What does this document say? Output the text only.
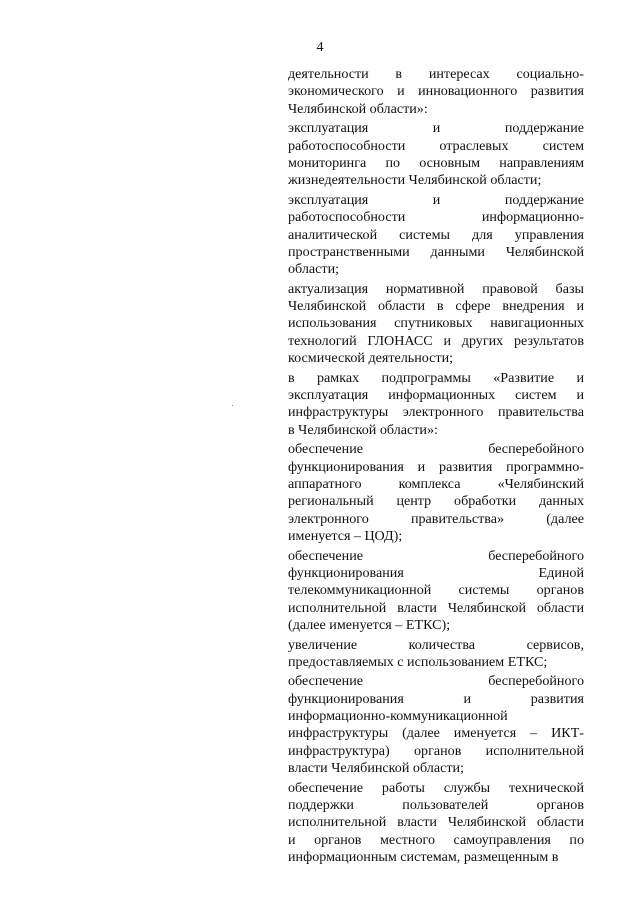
4
деятельности в интересах социально-
экономического и инновационного развития
Челябинской области»:
эксплуатация и поддержание
работоспособности отраслевых систем
мониторинга по основным направлениям
жизнедеятельности Челябинской области;
эксплуатация и поддержание
работоспособности информационно-
аналитической системы для управления
пространственными данными Челябинской
области;
актуализация нормативной правовой базы
Челябинской области в сфере внедрения и
использования спутниковых навигационных
технологий ГЛОНАСС и других результатов
космической деятельности;
в рамках подпрограммы «Развитие и
эксплуатация информационных систем и
инфраструктуры электронного правительства
в Челябинской области»:
обеспечение бесперебойного
функционирования и развития программно-
аппаратного комплекса «Челябинский
региональный центр обработки данных
электронного правительства» (далее
именуется – ЦОД);
обеспечение бесперебойного
функционирования Единой
телекоммуникационной системы органов
исполнительной власти Челябинской области
(далее именуется – ЕТКС);
увеличение количества сервисов,
предоставляемых с использованием ЕТКС;
обеспечение бесперебойного
функционирования и развития
информационно-коммуникационной
инфраструктуры (далее именуется – ИКТ-
инфраструктура) органов исполнительной
власти Челябинской области;
обеспечение работы службы технической
поддержки пользователей органов
исполнительной власти Челябинской области
и органов местного самоуправления по
информационным системам, размещенным в
